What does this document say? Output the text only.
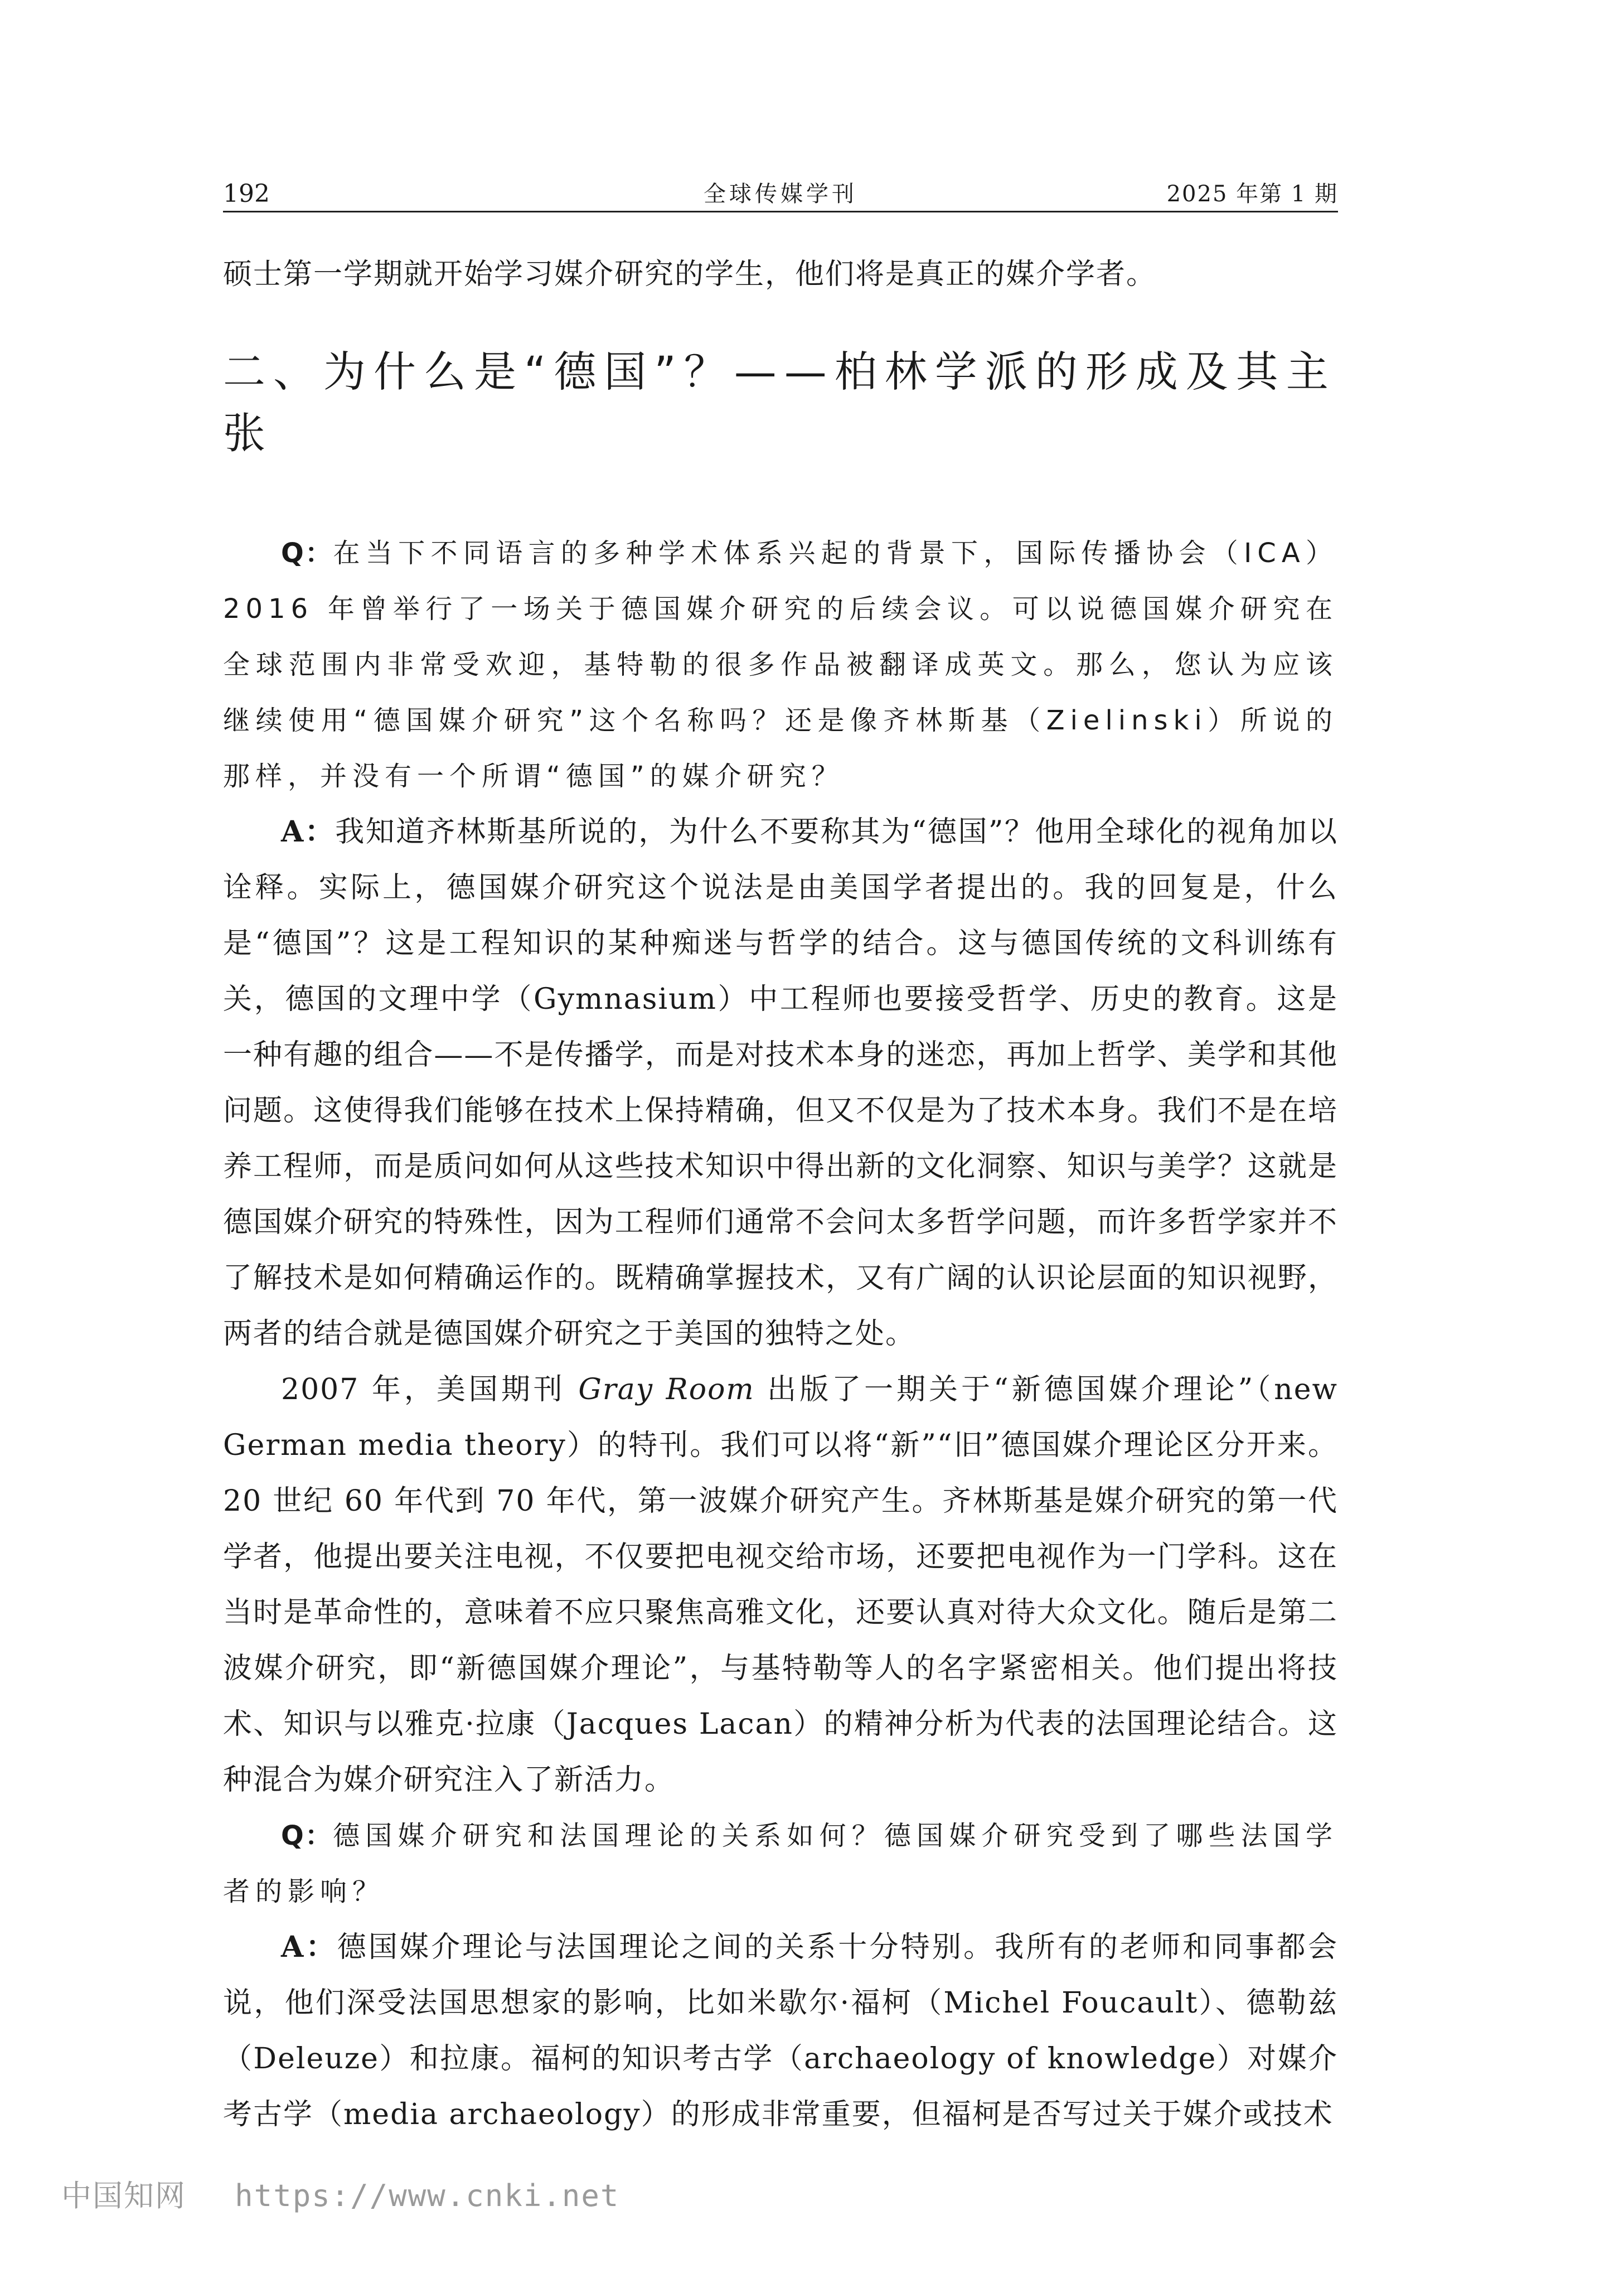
192	全球传媒学刊	2025 年第 1 期

硕士第一学期就开始学习媒介研究的学生，他们将是真正的媒介学者。

二、为什么是“德国”？——柏林学派的形成及其主张

Q：在当下不同语言的多种学术体系兴起的背景下，国际传播协会（ICA）2016 年曾举行了一场关于德国媒介研究的后续会议。可以说德国媒介研究在全球范围内非常受欢迎，基特勒的很多作品被翻译成英文。那么，您认为应该继续使用“德国媒介研究”这个名称吗？还是像齐林斯基（Zielinski）所说的那样，并没有一个所谓“德国”的媒介研究？

A：我知道齐林斯基所说的，为什么不要称其为“德国”？他用全球化的视角加以诠释。实际上，德国媒介研究这个说法是由美国学者提出的。我的回复是，什么是“德国”？这是工程知识的某种痴迷与哲学的结合。这与德国传统的文科训练有关，德国的文理中学（Gymnasium）中工程师也要接受哲学、历史的教育。这是一种有趣的组合——不是传播学，而是对技术本身的迷恋，再加上哲学、美学和其他问题。这使得我们能够在技术上保持精确，但又不仅是为了技术本身。我们不是在培养工程师，而是质问如何从这些技术知识中得出新的文化洞察、知识与美学？这就是德国媒介研究的特殊性，因为工程师们通常不会问太多哲学问题，而许多哲学家并不了解技术是如何精确运作的。既精确掌握技术，又有广阔的认识论层面的知识视野，两者的结合就是德国媒介研究之于美国的独特之处。

2007 年，美国期刊 Gray Room 出版了一期关于“新德国媒介理论”（new German media theory）的特刊。我们可以将“新”“旧”德国媒介理论区分开来。20 世纪 60 年代到 70 年代，第一波媒介研究产生。齐林斯基是媒介研究的第一代学者，他提出要关注电视，不仅要把电视交给市场，还要把电视作为一门学科。这在当时是革命性的，意味着不应只聚焦高雅文化，还要认真对待大众文化。随后是第二波媒介研究，即“新德国媒介理论”，与基特勒等人的名字紧密相关。他们提出将技术、知识与以雅克·拉康（Jacques Lacan）的精神分析为代表的法国理论结合。这种混合为媒介研究注入了新活力。

Q：德国媒介研究和法国理论的关系如何？德国媒介研究受到了哪些法国学者的影响？

A：德国媒介理论与法国理论之间的关系十分特别。我所有的老师和同事都会说，他们深受法国思想家的影响，比如米歇尔·福柯（Michel Foucault）、德勒兹（Deleuze）和拉康。福柯的知识考古学（archaeology of knowledge）对媒介考古学（media archaeology）的形成非常重要，但福柯是否写过关于媒介或技术

中国知网 https://www.cnki.net
